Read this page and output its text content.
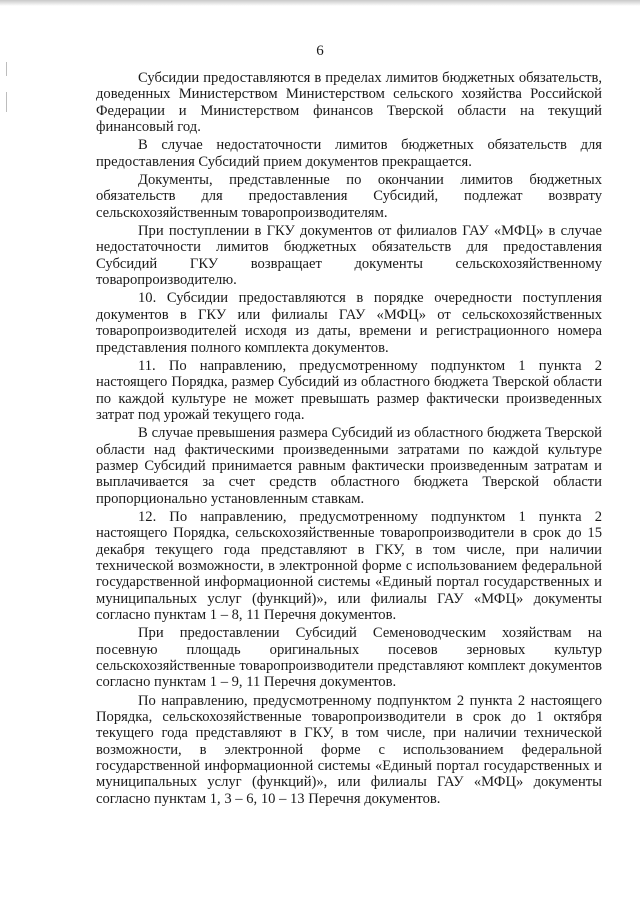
6

Субсидии предоставляются в пределах лимитов бюджетных обязательств, доведенных Министерством Министерством сельского хозяйства Российской Федерации и Министерством финансов Тверской области на текущий финансовый год.

В случае недостаточности лимитов бюджетных обязательств для предоставления Субсидий прием документов прекращается.

Документы, представленные по окончании лимитов бюджетных обязательств для предоставления Субсидий, подлежат возврату сельскохозяйственным товаропроизводителям.

При поступлении в ГКУ документов от филиалов ГАУ «МФЦ» в случае недостаточности лимитов бюджетных обязательств для предоставления Субсидий ГКУ возвращает документы сельскохозяйственному товаропроизводителю.

10. Субсидии предоставляются в порядке очередности поступления документов в ГКУ или филиалы ГАУ «МФЦ» от сельскохозяйственных товаропроизводителей исходя из даты, времени и регистрационного номера представления полного комплекта документов.

11. По направлению, предусмотренному подпунктом 1 пункта 2 настоящего Порядка, размер Субсидий из областного бюджета Тверской области по каждой культуре не может превышать размер фактически произведенных затрат под урожай текущего года.

В случае превышения размера Субсидий из областного бюджета Тверской области над фактическими произведенными затратами по каждой культуре размер Субсидий принимается равным фактически произведенным затратам и выплачивается за счет средств областного бюджета Тверской области пропорционально установленным ставкам.

12. По направлению, предусмотренному подпунктом 1 пункта 2 настоящего Порядка, сельскохозяйственные товаропроизводители в срок до 15 декабря текущего года представляют в ГКУ, в том числе, при наличии технической возможности, в электронной форме с использованием федеральной государственной информационной системы «Единый портал государственных и муниципальных услуг (функций)», или филиалы ГАУ «МФЦ» документы согласно пунктам 1 – 8, 11 Перечня документов.

При предоставлении Субсидий Семеноводческим хозяйствам на посевную площадь оригинальных посевов зерновых культур сельскохозяйственные товаропроизводители представляют комплект документов согласно пунктам 1 – 9, 11 Перечня документов.

По направлению, предусмотренному подпунктом 2 пункта 2 настоящего Порядка, сельскохозяйственные товаропроизводители в срок до 1 октября текущего года представляют в ГКУ, в том числе, при наличии технической возможности, в электронной форме с использованием федеральной государственной информационной системы «Единый портал государственных и муниципальных услуг (функций)», или филиалы ГАУ «МФЦ» документы согласно пунктам 1, 3 – 6, 10 – 13 Перечня документов.
